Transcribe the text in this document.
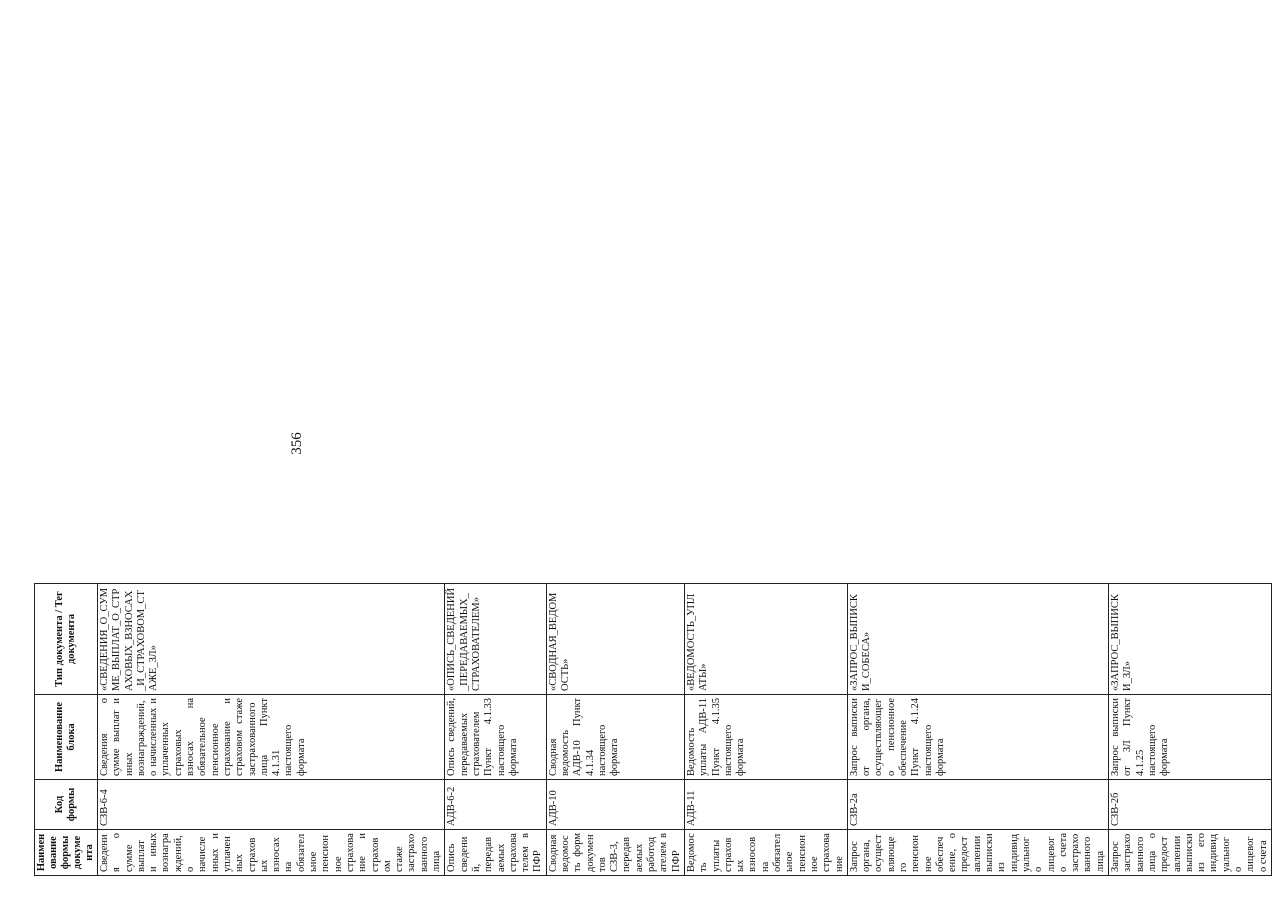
356
Наименование формы документа	Код формы	Наименование блока	Тип документа / Тег документа
Сведения о сумме выплат и иных вознаграждений, о начисленных и уплаченных страховых взносах на обязательное пенсионное страхование и страховом стаже застрахованного лица	СЗВ-6-4	Сведения о сумме выплат и иных вознаграждений, о начисленных и уплаченных страховых взносах на обязательное пенсионное страхование и страховом стаже застрахованного лица Пункт 4.1.31 настоящего формата	«СВЕДЕНИЯ_О_СУММЕ_ВЫПЛАТ_О_СТРАХОВЫХ_ВЗНОСАХ_И_СТРАХОВОМ_СТАЖЕ_ЗЛ»
Опись сведений, передаваемых страхователем в ПФР	АДВ-6-2	Опись сведений, передаваемых страхователем Пункт 4.1.33 настоящего формата	«ОПИСЬ_СВЕДЕНИЙ_ПЕРЕДАВАЕМЫХ_СТРАХОВАТЕЛЕМ»
Сводная ведомость форм документов СЗВ-3, передаваемых работодателем в ПФР	АДВ-10	Сводная ведомость АДВ-10 Пункт 4.1.34 настоящего формата	«СВОДНАЯ_ВЕДОМОСТЬ»
Ведомость уплаты страховых взносов на обязательное пенсионное страхование	АДВ-11	Ведомость уплаты АДВ-11 Пункт 4.1.35 настоящего формата	«ВЕДОМОСТЬ_УПЛАТЫ»
Запрос органа, осуществляющего пенсионное обеспечение, о предоставлении выписки из индивидуального лицевого счета застрахованного лица	СЗВ-2а	Запрос выписки от органа, осуществляющего пенсионное обеспечение Пункт 4.1.24 настоящего формата	«ЗАПРОС_ВЫПИСКИ_СОБЕСА»
Запрос застрахованного лица о предоставлении выписки из его индивидуального лицевого счета	СЗВ-2б	Запрос выписки от ЗЛ Пункт 4.1.25 настоящего формата	«ЗАПРОС_ВЫПИСКИ_ЗЛ»
